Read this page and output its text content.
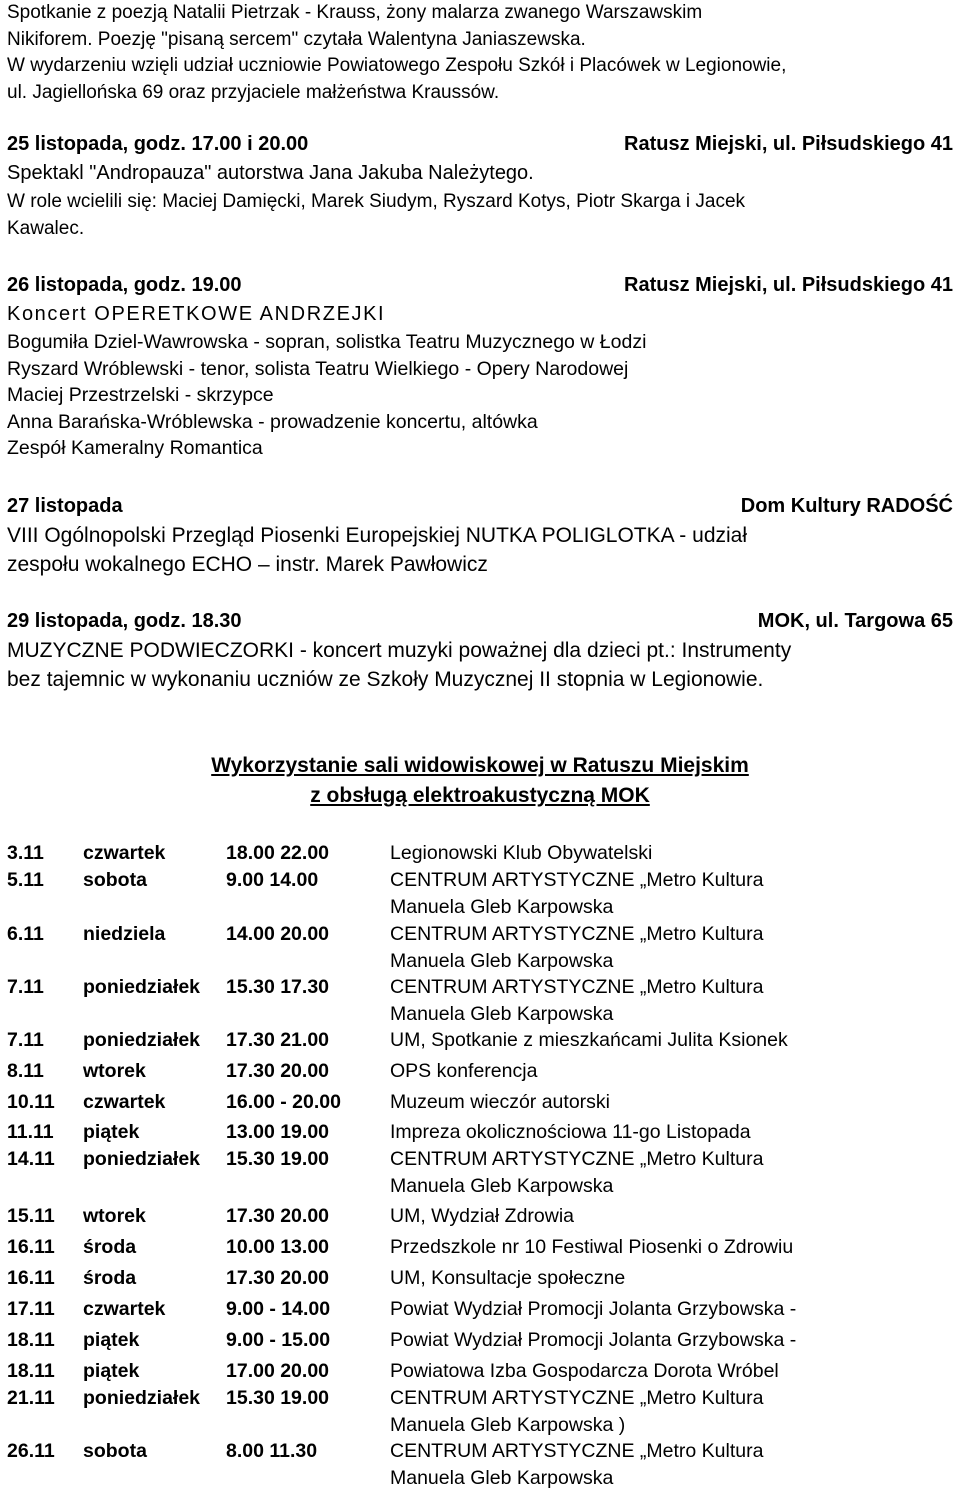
Spotkanie z poezją Natalii Pietrzak - Krauss, żony malarza zwanego Warszawskim
Nikiforem. Poezję "pisaną sercem" czytała Walentyna Janiaszewska.
W wydarzeniu wzięli udział uczniowie Powiatowego Zespołu Szkół i Placówek w Legionowie,
ul. Jagiellońska 69 oraz przyjaciele małżeństwa Kraussów.
25 listopada, godz. 17.00 i 20.00	Ratusz Miejski, ul. Piłsudskiego 41
Spektakl "Andropauza" autorstwa Jana Jakuba Należytego.
W role wcielili się: Maciej Damięcki, Marek Siudym, Ryszard Kotys, Piotr Skarga i Jacek
Kawalec.
26 listopada, godz. 19.00	Ratusz Miejski, ul. Piłsudskiego 41
Koncert OPERETKOWE ANDRZEJKI
Bogumiła Dziel-Wawrowska - sopran, solistka Teatru Muzycznego w Łodzi
Ryszard Wróblewski - tenor, solista Teatru Wielkiego - Opery Narodowej
Maciej Przestrzelski - skrzypce
Anna Barańska-Wróblewska - prowadzenie koncertu, altówka
Zespół Kameralny Romantica
27 listopada	Dom Kultury RADOŚĆ
VIII Ogólnopolski Przegląd Piosenki Europejskiej NUTKA POLIGLOTKA - udział
zespołu wokalnego ECHO – instr. Marek Pawłowicz
29 listopada, godz. 18.30	MOK, ul. Targowa 65
MUZYCZNE PODWIECZORKI - koncert muzyki poważnej dla dzieci pt.: Instrumenty
bez tajemnic w wykonaniu uczniów ze Szkoły Muzycznej II stopnia w Legionowie.
Wykorzystanie sali widowiskowej w Ratuszu Miejskim
z obsługą elektroakustyczną MOK
3.11 czwartek	18.00 22.00	Legionowski Klub Obywatelski
5.11 sobota	9.00 14.00	CENTRUM ARTYSTYCZNE „Metro Kultura
Manuela Gleb Karpowska
6.11 niedziela	14.00 20.00	CENTRUM ARTYSTYCZNE „Metro Kultura
Manuela Gleb Karpowska
7.11 poniedziałek 15.30 17.30	CENTRUM ARTYSTYCZNE „Metro Kultura
Manuela Gleb Karpowska
7.11 poniedziałek 17.30 21.00	UM, Spotkanie z mieszkańcami Julita Ksionek
8.11 wtorek	17.30 20.00	OPS konferencja
10.11 czwartek	16.00 - 20.00	Muzeum wieczór autorski
11.11 piątek	13.00 19.00	Impreza okolicznościowa 11-go Listopada
14.11 poniedziałek 15.30 19.00	CENTRUM ARTYSTYCZNE „Metro Kultura
Manuela Gleb Karpowska
15.11 wtorek	17.30 20.00	UM, Wydział Zdrowia
16.11 środa	10.00 13.00	Przedszkole nr 10 Festiwal Piosenki o Zdrowiu
16.11 środa	17.30 20.00	UM, Konsultacje społeczne
17.11 czwartek	9.00 - 14.00	Powiat Wydział Promocji Jolanta Grzybowska -
18.11 piątek	9.00 - 15.00	Powiat Wydział Promocji Jolanta Grzybowska -
18.11 piątek	17.00 20.00	Powiatowa Izba Gospodarcza Dorota Wróbel
21.11 poniedziałek 15.30 19.00	CENTRUM ARTYSTYCZNE „Metro Kultura
Manuela Gleb Karpowska )
26.11 sobota	8.00 11.30	CENTRUM ARTYSTYCZNE „Metro Kultura
Manuela Gleb Karpowska
